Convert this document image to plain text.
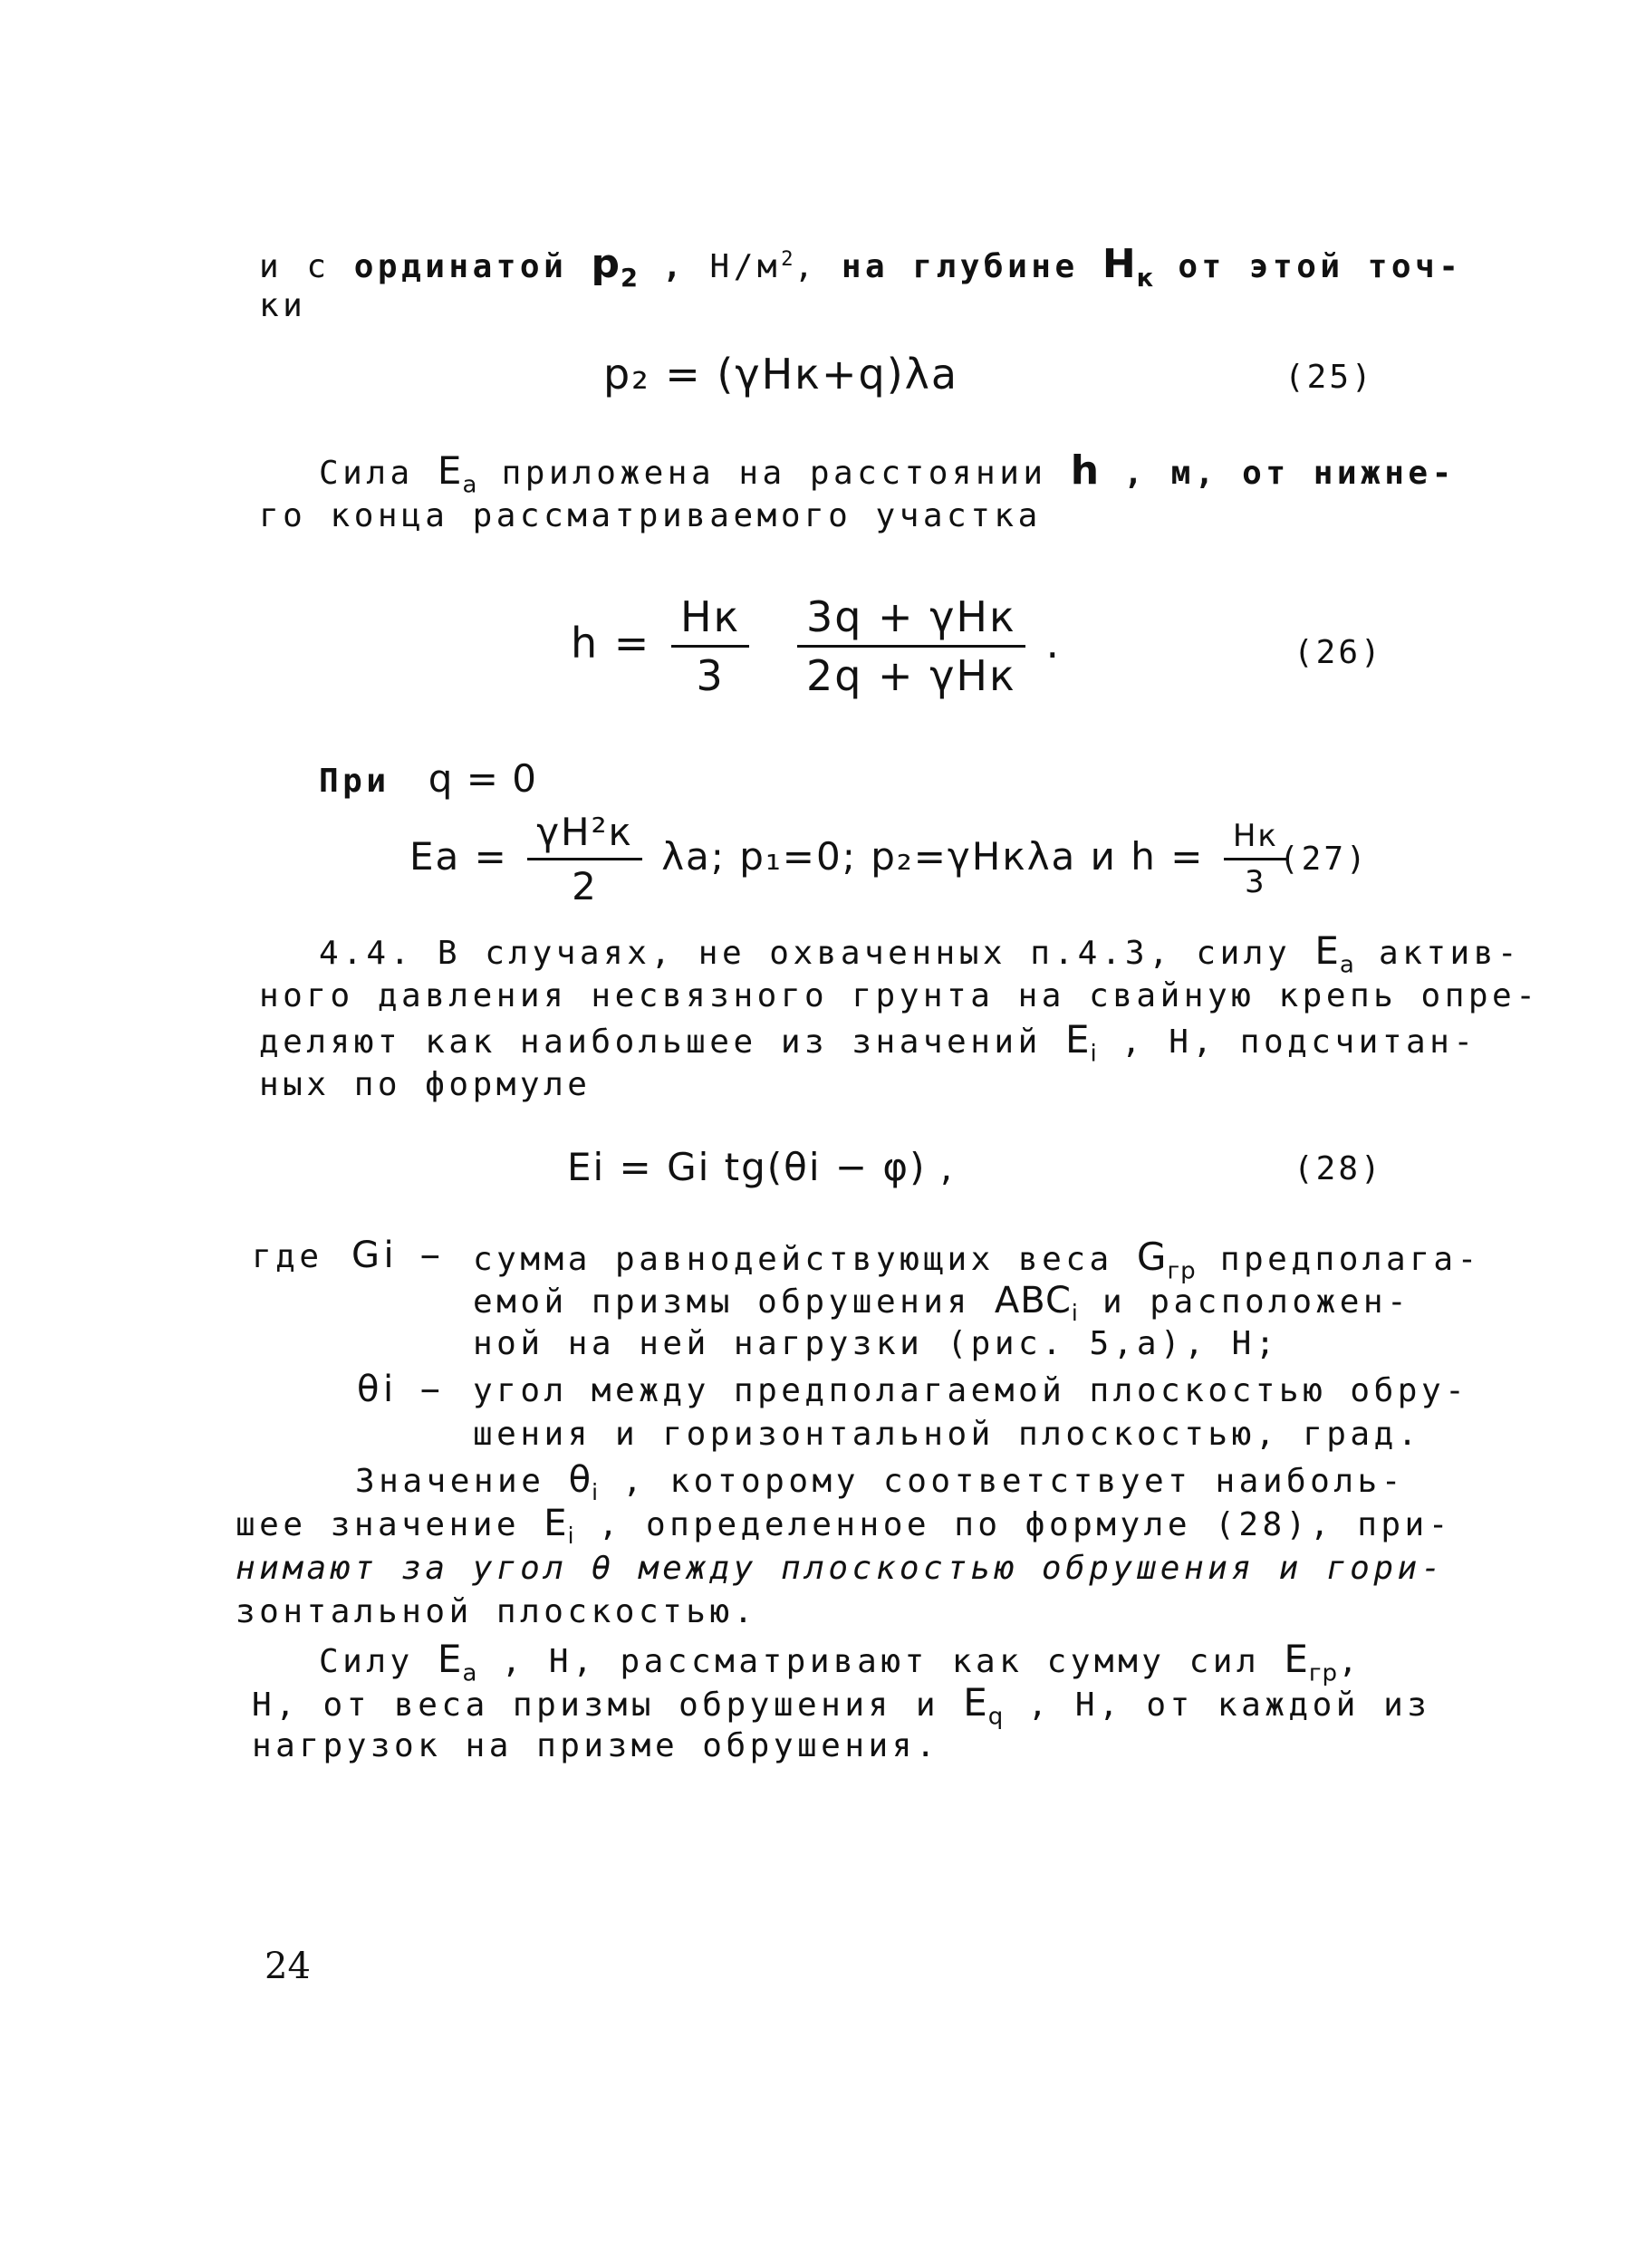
и с ординатой $p_2$ , $Н/м^2$, на глубине $H_к$ от этой точ-
ки
p₂ = (γHк+q)λa	(25)
Сила $E_a$ приложена на расстоянии h , м, от нижне-
го конца рассматриваемого участка
$h = \frac{Hк}{3}$
$\frac{\text{3q + γHк}}{\text{2q + γHк}}$ .	(26)
При q = 0
$Ea = \frac{\text{γH²к}}{2} \lambda a$; p₁=0; p₂=γHкλa и $h = \frac{Hк}{3}$
(27)
4.4. В случаях, не охваченных п.4.3, силу $E_a$ актив-
ного давления несвязного грунта на свайную крепь опре-
деляют как наибольшее из значений $E_i$ , Н, подсчитан-
ных по формуле
Ei = Gi tg(θi − φ) ,	(28)
где Gi − сумма равнодействующих веса $G_{гр}$ предполага-
емой призмы обрушения $ABC_i$ и расположен-
ной на ней нагрузки (рис. 5,а), Н;
θi − угол между предполагаемой плоскостью обру-
шения и горизонтальной плоскостью, град.
Значение $\theta_i$ , которому соответствует наиболь-
шее значение $E_i$ , определенное по формуле (28), при-
нимают за угол θ между плоскостью обрушения и гори-
зонтальной плоскостью.
Силу $E_a$ , Н, рассматривают как сумму сил $E_{гр}$,
Н, от веса призмы обрушения и $E_q$ , Н, от каждой из
нагрузок на призме обрушения.
24
